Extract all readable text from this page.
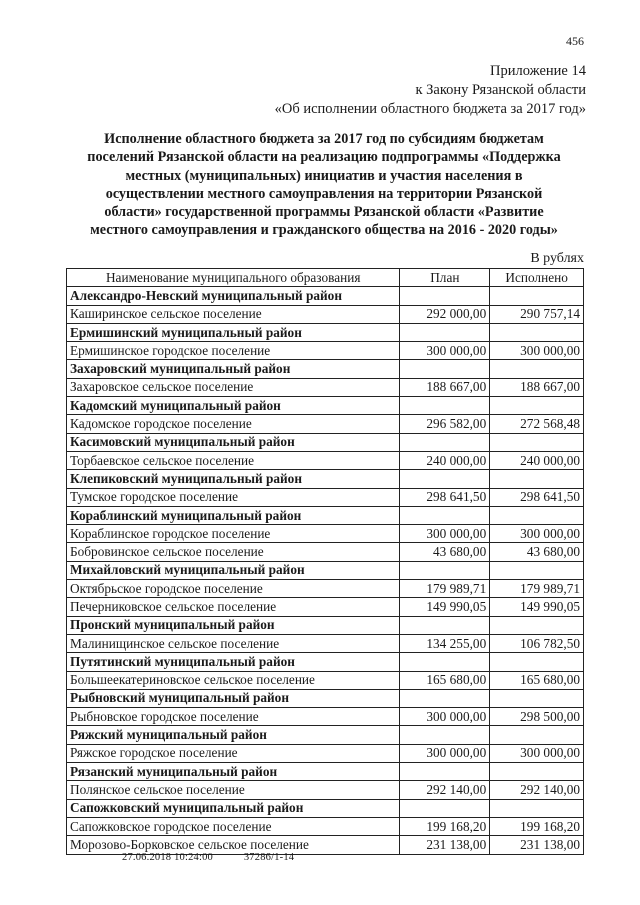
456
Приложение 14
к Закону Рязанской области
«Об исполнении областного бюджета за 2017 год»
Исполнение областного бюджета за 2017 год по субсидиям бюджетам
поселений Рязанской области на реализацию подпрограммы «Поддержка
местных (муниципальных) инициатив и участия населения в
осуществлении местного самоуправления на территории Рязанской
области» государственной программы Рязанской области «Развитие
местного самоуправления и гражданского общества на 2016 - 2020 годы»
В рублях
Наименование муниципального образования	План	Исполнено
Александро-Невский муниципальный район		
Каширинское сельское поселение	292 000,00	290 757,14
Ермишинский муниципальный район		
Ермишинское городское поселение	300 000,00	300 000,00
Захаровский муниципальный район		
Захаровское сельское поселение	188 667,00	188 667,00
Кадомский муниципальный район		
Кадомское городское поселение	296 582,00	272 568,48
Касимовский муниципальный район		
Торбаевское сельское поселение	240 000,00	240 000,00
Клепиковский муниципальный район		
Тумское городское поселение	298 641,50	298 641,50
Кораблинский муниципальный район		
Кораблинское городское поселение	300 000,00	300 000,00
Бобровинское сельское поселение	43 680,00	43 680,00
Михайловский муниципальный район		
Октябрьское городское поселение	179 989,71	179 989,71
Печерниковское сельское поселение	149 990,05	149 990,05
Пронский муниципальный район		
Малинищинское сельское поселение	134 255,00	106 782,50
Путятинский муниципальный район		
Большеекатериновское сельское поселение	165 680,00	165 680,00
Рыбновский муниципальный район		
Рыбновское городское поселение	300 000,00	298 500,00
Ряжский муниципальный район		
Ряжское городское поселение	300 000,00	300 000,00
Рязанский муниципальный район		
Полянское сельское поселение	292 140,00	292 140,00
Сапожковский муниципальный район		
Сапожковское городское поселение	199 168,20	199 168,20
Морозово-Борковское сельское поселение	231 138,00	231 138,00
27.06.2018 10:24:00	37286/1-14
